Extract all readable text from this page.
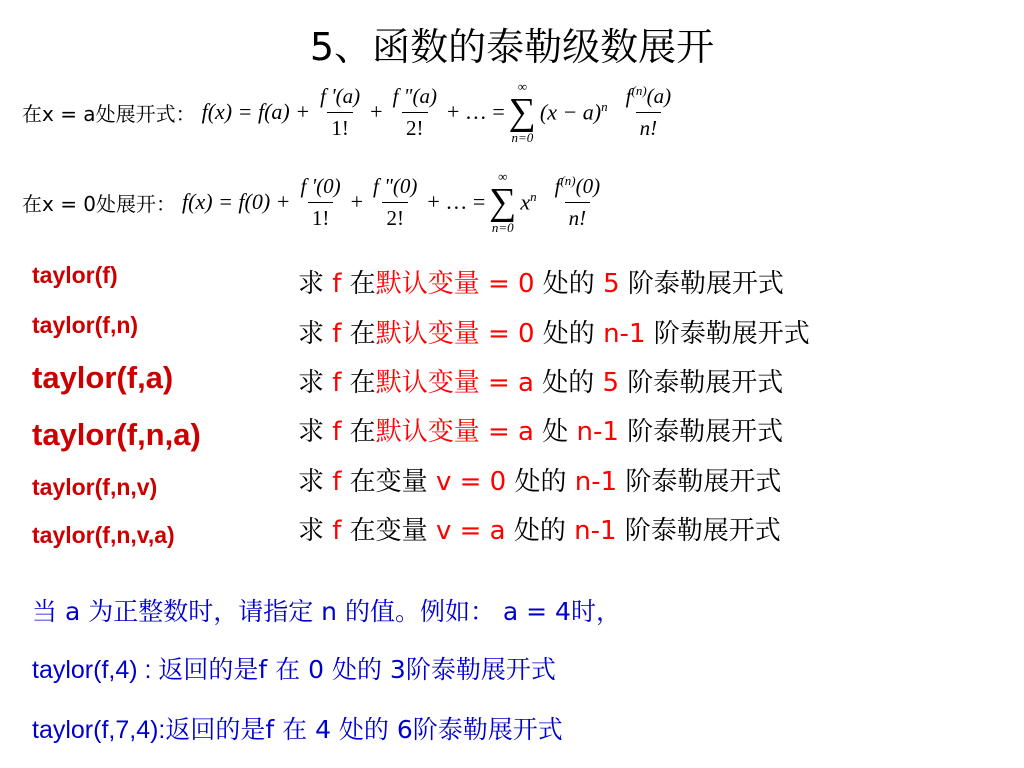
5、函数的泰勒级数展开
在x = a处展开式： $f(x) = f(a) + \frac{f '(a)}{1!} + \frac{f "(a)}{2!}$ + … =
∞
∑
n=0
$(x - a)^n \frac{f^{(n)}(a)}{n!}$
在x = 0处展开： $f(x) = f(0) + \frac{f '(0)}{1!} + \frac{f "(0)}{2!}$ + … =
∞
∑
n=0
$x^n \frac{f^{(n)}(0)}{n!}$
taylor(f)
taylor(f,n)
taylor(f,a)
taylor(f,n,a)
taylor(f,n,v)
taylor(f,n,v,a)
求 f 在默认变量 = 0 处的 5 阶泰勒展开式
求 f 在默认变量 = 0 处的 n-1 阶泰勒展开式
求 f 在默认变量 = a 处的 5 阶泰勒展开式
求 f 在默认变量 = a 处 n-1 阶泰勒展开式
求 f 在变量 v = 0 处的 n-1 阶泰勒展开式
求 f 在变量 v = a 处的 n-1 阶泰勒展开式
当 a 为正整数时，请指定 n 的值。例如： a = 4时，
taylor(f,4) : 返回的是f 在 0 处的 3阶泰勒展开式
taylor(f,7,4):返回的是f 在 4 处的 6阶泰勒展开式
